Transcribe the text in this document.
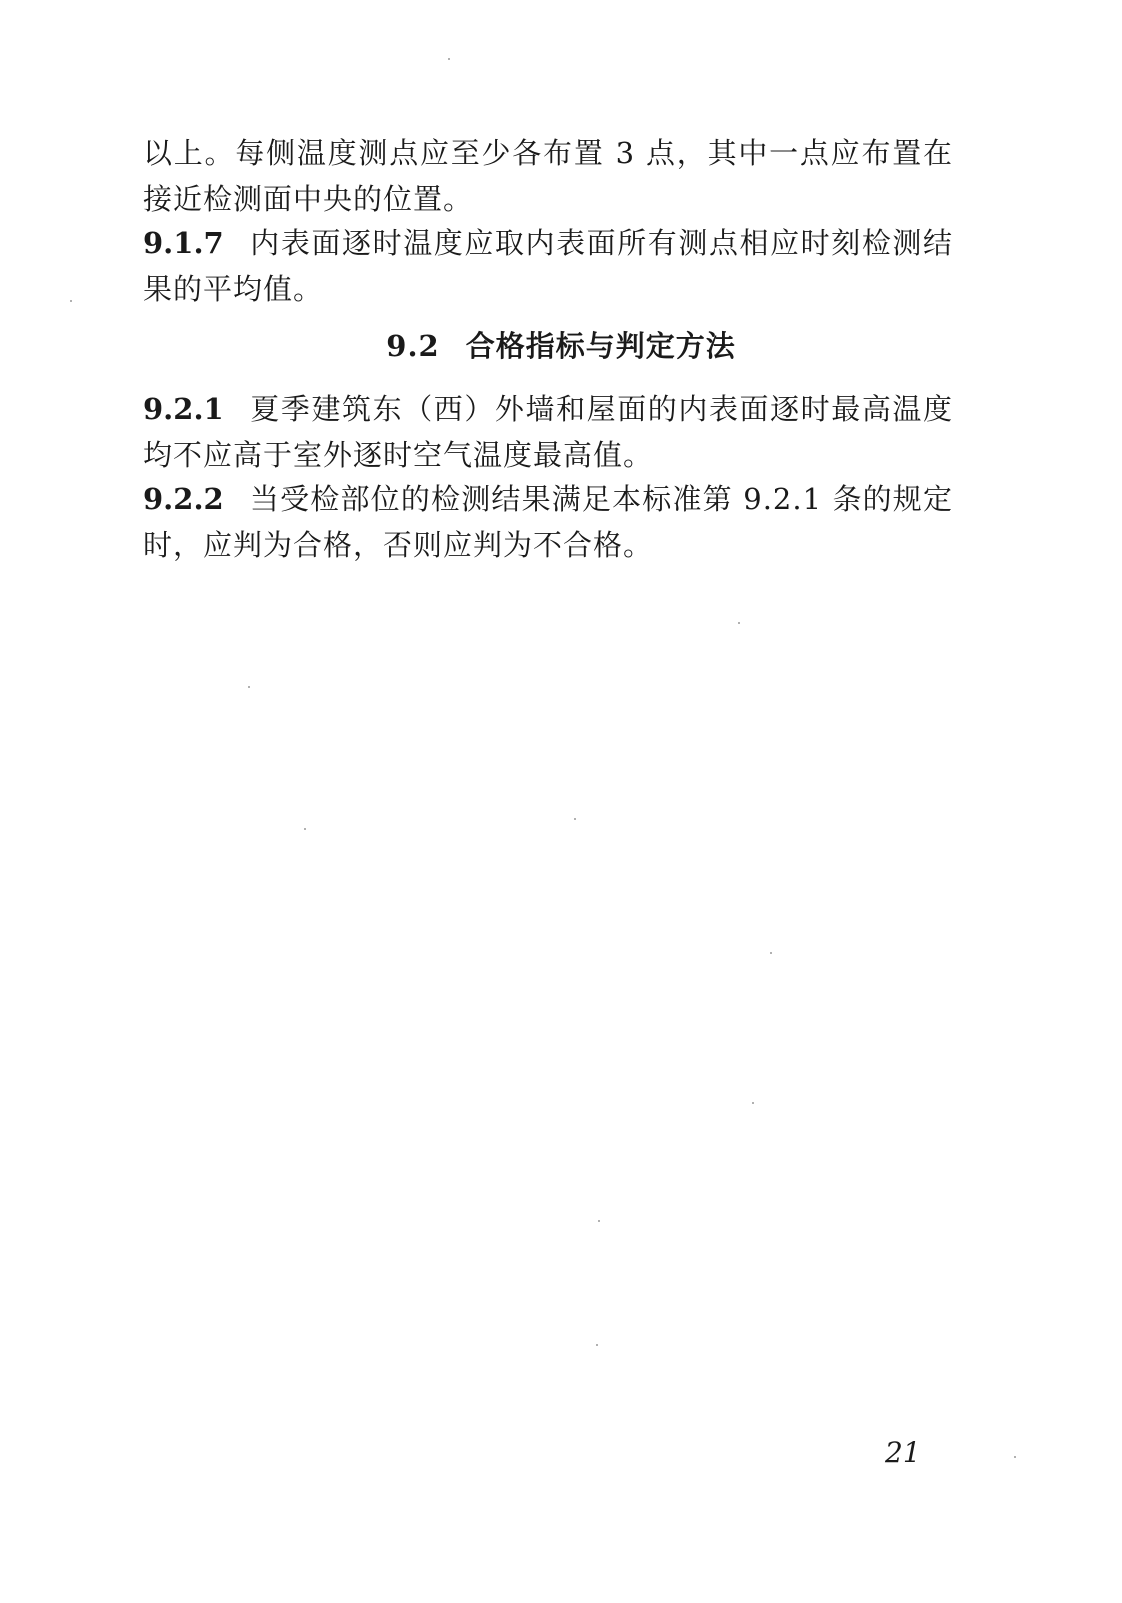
以上。每侧温度测点应至少各布置 3 点，其中一点应布置在接近检测面中央的位置。

9.1.7 内表面逐时温度应取内表面所有测点相应时刻检测结果的平均值。

9.2 合格指标与判定方法

9.2.1 夏季建筑东（西）外墙和屋面的内表面逐时最高温度均不应高于室外逐时空气温度最高值。

9.2.2 当受检部位的检测结果满足本标准第 9.2.1 条的规定时，应判为合格，否则应判为不合格。

21
